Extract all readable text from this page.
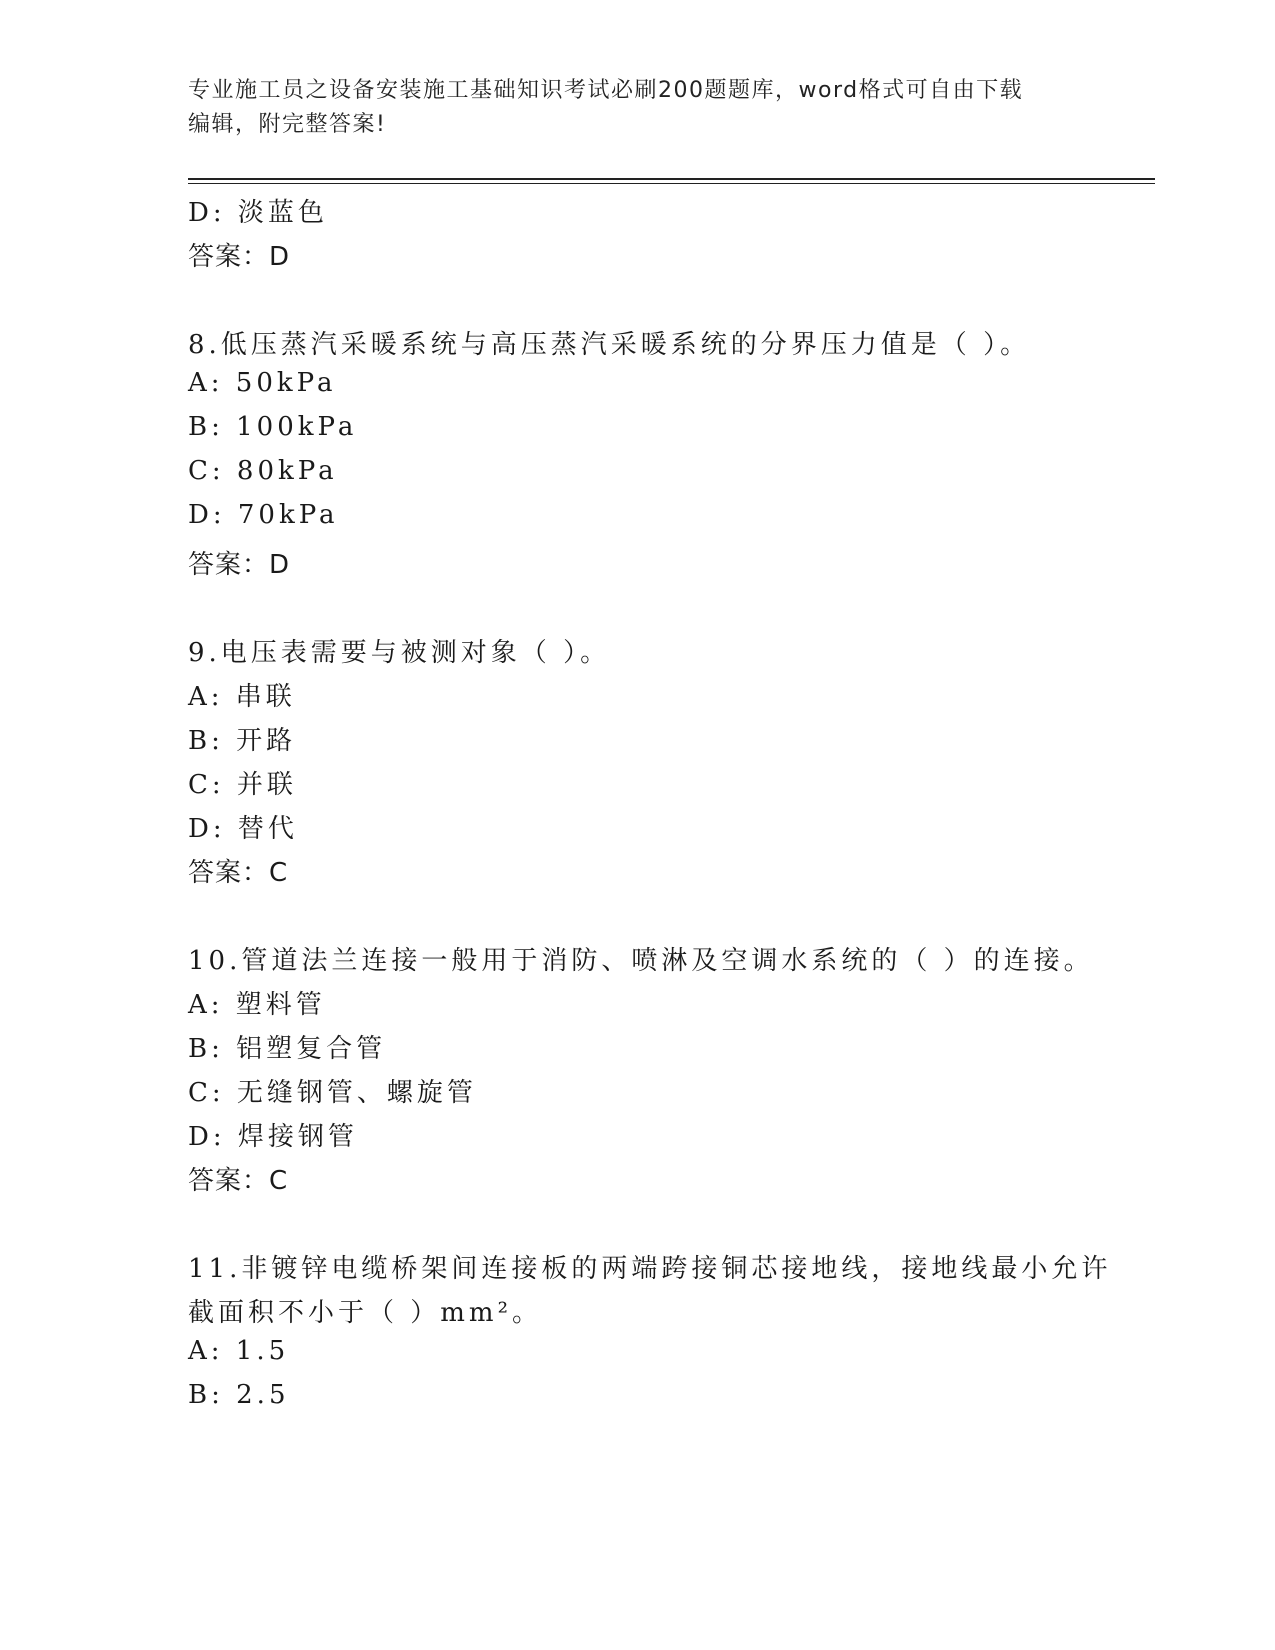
专业施工员之设备安装施工基础知识考试必刷200题题库，word格式可自由下载
编辑，附完整答案!
D: 淡蓝色
答案：D
8.低压蒸汽采暖系统与高压蒸汽采暖系统的分界压力值是（ ）。
A: 50kPa
B: 100kPa
C: 80kPa
D: 70kPa
答案：D
9.电压表需要与被测对象（ ）。
A: 串联
B: 开路
C: 并联
D: 替代
答案：C
10.管道法兰连接一般用于消防、喷淋及空调水系统的（ ）的连接。
A: 塑料管
B: 铝塑复合管
C: 无缝钢管、螺旋管
D: 焊接钢管
答案：C
11.非镀锌电缆桥架间连接板的两端跨接铜芯接地线，接地线最小允许
截面积不小于（ ）mm²。
A: 1.5
B: 2.5
